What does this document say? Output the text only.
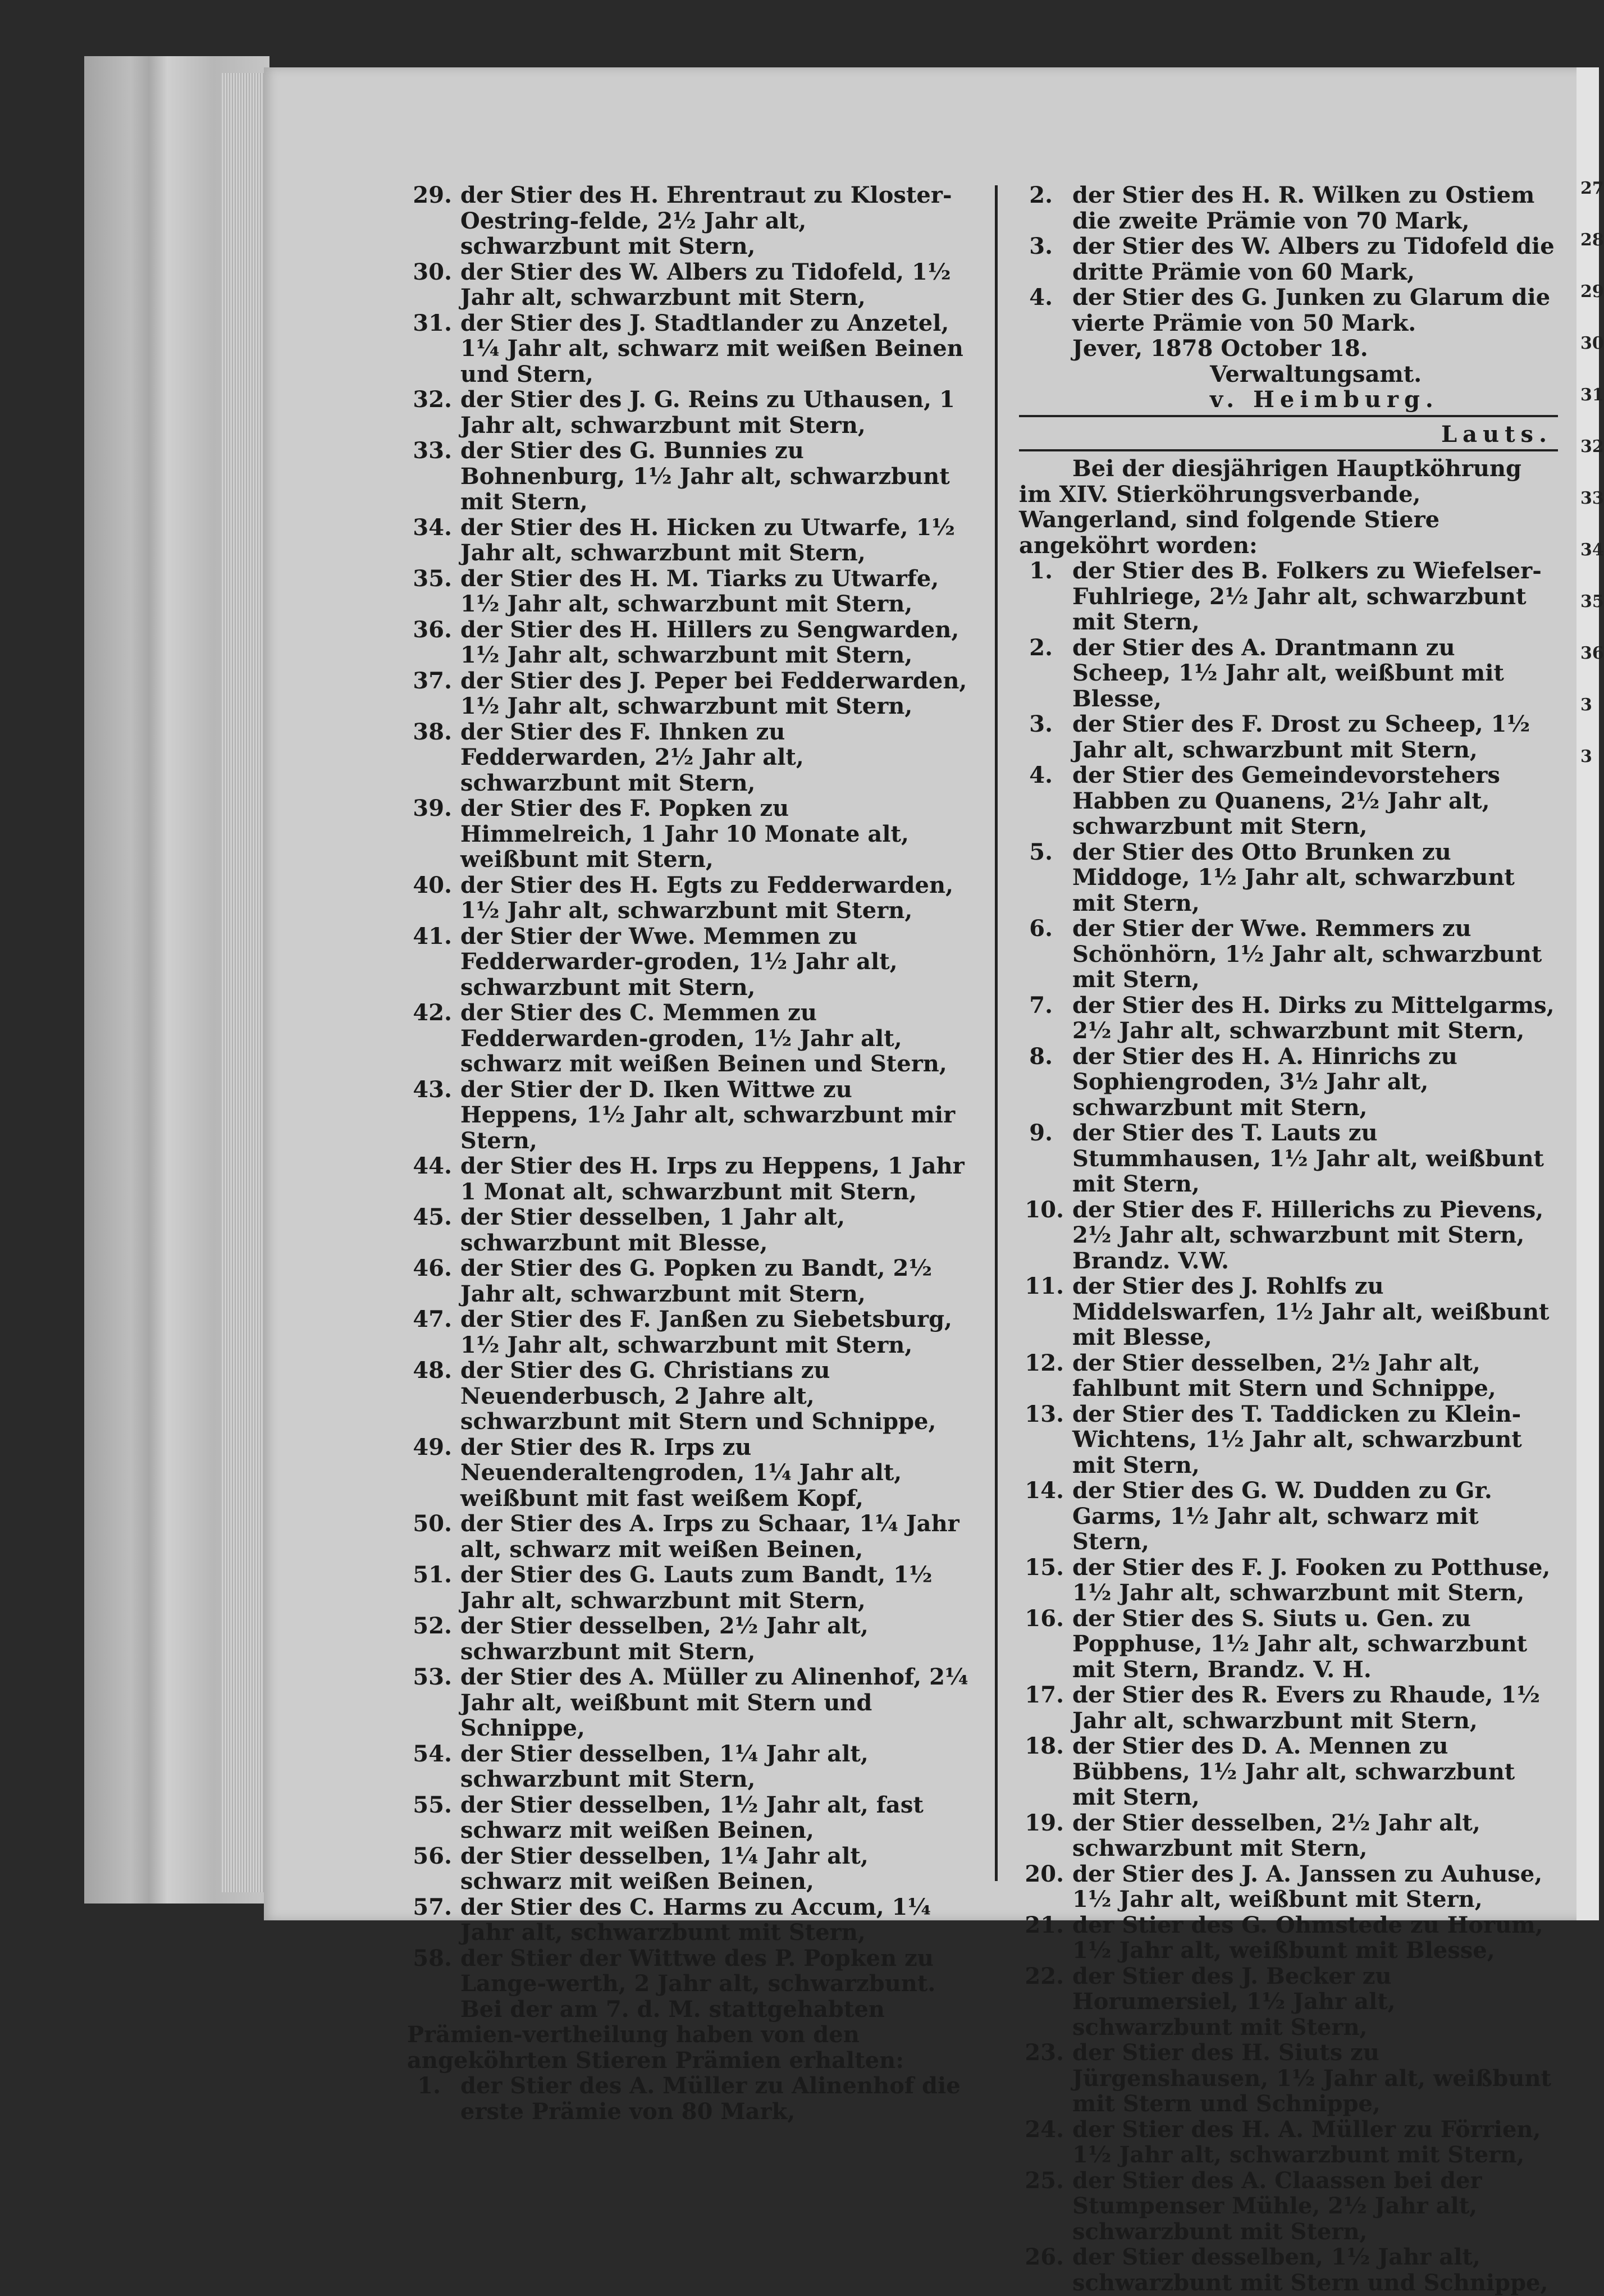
29. der Stier des H. Ehrentraut zu Kloster-Oestring-felde, 2½ Jahr alt, schwarzbunt mit Stern,

30. der Stier des W. Albers zu Tidofeld, 1½ Jahr alt, schwarzbunt mit Stern,

31. der Stier des J. Stadtlander zu Anzetel, 1¼ Jahr alt, schwarz mit weißen Beinen und Stern,

32. der Stier des J. G. Reins zu Uthausen, 1 Jahr alt, schwarzbunt mit Stern,

33. der Stier des G. Bunnies zu Bohnenburg, 1½ Jahr alt, schwarzbunt mit Stern,

34. der Stier des H. Hicken zu Utwarfe, 1½ Jahr alt, schwarzbunt mit Stern,

35. der Stier des H. M. Tiarks zu Utwarfe, 1½ Jahr alt, schwarzbunt mit Stern,

36. der Stier des H. Hillers zu Sengwarden, 1½ Jahr alt, schwarzbunt mit Stern,

37. der Stier des J. Peper bei Fedderwarden, 1½ Jahr alt, schwarzbunt mit Stern,

38. der Stier des F. Ihnken zu Fedderwarden, 2½ Jahr alt, schwarzbunt mit Stern,

39. der Stier des F. Popken zu Himmelreich, 1 Jahr 10 Monate alt, weißbunt mit Stern,

40. der Stier des H. Egts zu Fedderwarden, 1½ Jahr alt, schwarzbunt mit Stern,

41. der Stier der Wwe. Memmen zu Fedderwarder-groden, 1½ Jahr alt, schwarzbunt mit Stern,

42. der Stier des C. Memmen zu Fedderwarden-groden, 1½ Jahr alt, schwarz mit weißen Beinen und Stern,

43. der Stier der D. Iken Wittwe zu Heppens, 1½ Jahr alt, schwarzbunt mir Stern,

44. der Stier des H. Irps zu Heppens, 1 Jahr 1 Monat alt, schwarzbunt mit Stern,

45. der Stier desselben, 1 Jahr alt, schwarzbunt mit Blesse,

46. der Stier des G. Popken zu Bandt, 2½ Jahr alt, schwarzbunt mit Stern,

47. der Stier des F. Janßen zu Siebetsburg, 1½ Jahr alt, schwarzbunt mit Stern,

48. der Stier des G. Christians zu Neuenderbusch, 2 Jahre alt, schwarzbunt mit Stern und Schnippe,

49. der Stier des R. Irps zu Neuenderaltengroden, 1¼ Jahr alt, weißbunt mit fast weißem Kopf,

50. der Stier des A. Irps zu Schaar, 1¼ Jahr alt, schwarz mit weißen Beinen,

51. der Stier des G. Lauts zum Bandt, 1½ Jahr alt, schwarzbunt mit Stern,

52. der Stier desselben, 2½ Jahr alt, schwarzbunt mit Stern,

53. der Stier des A. Müller zu Alinenhof, 2¼ Jahr alt, weißbunt mit Stern und Schnippe,

54. der Stier desselben, 1¼ Jahr alt, schwarzbunt mit Stern,

55. der Stier desselben, 1½ Jahr alt, fast schwarz mit weißen Beinen,

56. der Stier desselben, 1¼ Jahr alt, schwarz mit weißen Beinen,

57. der Stier des C. Harms zu Accum, 1¼ Jahr alt, schwarzbunt mit Stern,

58. der Stier der Wittwe des P. Popken zu Lange-werth, 2 Jahr alt, schwarzbunt.

Bei der am 7. d. M. stattgehabten Prämien-vertheilung haben von den angeköhrten Stieren Prämien erhalten:

1. der Stier des A. Müller zu Alinenhof die erste Prämie von 80 Mark,

2. der Stier des H. R. Wilken zu Ostiem die zweite Prämie von 70 Mark,

3. der Stier des W. Albers zu Tidofeld die dritte Prämie von 60 Mark,

4. der Stier des G. Junken zu Glarum die vierte Prämie von 50 Mark.

Jever, 1878 October 18.

Verwaltungsamt.

v. Heimburg.

Lauts.

Bei der diesjährigen Hauptköhrung im XIV. Stierköhrungsverbande, Wangerland, sind folgende Stiere angeköhrt worden:

1. der Stier des B. Folkers zu Wiefelser-Fuhlriege, 2½ Jahr alt, schwarzbunt mit Stern,

2. der Stier des A. Drantmann zu Scheep, 1½ Jahr alt, weißbunt mit Blesse,

3. der Stier des F. Drost zu Scheep, 1½ Jahr alt, schwarzbunt mit Stern,

4. der Stier des Gemeindevorstehers Habben zu Quanens, 2½ Jahr alt, schwarzbunt mit Stern,

5. der Stier des Otto Brunken zu Middoge, 1½ Jahr alt, schwarzbunt mit Stern,

6. der Stier der Wwe. Remmers zu Schönhörn, 1½ Jahr alt, schwarzbunt mit Stern,

7. der Stier des H. Dirks zu Mittelgarms, 2½ Jahr alt, schwarzbunt mit Stern,

8. der Stier des H. A. Hinrichs zu Sophiengroden, 3½ Jahr alt, schwarzbunt mit Stern,

9. der Stier des T. Lauts zu Stummhausen, 1½ Jahr alt, weißbunt mit Stern,

10. der Stier des F. Hillerichs zu Pievens, 2½ Jahr alt, schwarzbunt mit Stern, Brandz. V.W.

11. der Stier des J. Rohlfs zu Middelswarfen, 1½ Jahr alt, weißbunt mit Blesse,

12. der Stier desselben, 2½ Jahr alt, fahlbunt mit Stern und Schnippe,

13. der Stier des T. Taddicken zu Klein-Wichtens, 1½ Jahr alt, schwarzbunt mit Stern,

14. der Stier des G. W. Dudden zu Gr. Garms, 1½ Jahr alt, schwarz mit Stern,

15. der Stier des F. J. Fooken zu Potthuse, 1½ Jahr alt, schwarzbunt mit Stern,

16. der Stier des S. Siuts u. Gen. zu Popphuse, 1½ Jahr alt, schwarzbunt mit Stern, Brandz. V. H.

17. der Stier des R. Evers zu Rhaude, 1½ Jahr alt, schwarzbunt mit Stern,

18. der Stier des D. A. Mennen zu Bübbens, 1½ Jahr alt, schwarzbunt mit Stern,

19. der Stier desselben, 2½ Jahr alt, schwarzbunt mit Stern,

20. der Stier des J. A. Janssen zu Auhuse, 1½ Jahr alt, weißbunt mit Stern,

21. der Stier des G. Ohmstede zu Horum, 1½ Jahr alt, weißbunt mit Blesse,

22. der Stier des J. Becker zu Horumersiel, 1½ Jahr alt, schwarzbunt mit Stern,

23. der Stier des H. Siuts zu Jürgenshausen, 1½ Jahr alt, weißbunt mit Stern und Schnippe,

24. der Stier des H. A. Müller zu Förrien, 1½ Jahr alt, schwarzbunt mit Stern,

25. der Stier des A. Claassen bei der Stumpenser Mühle, 2½ Jahr alt, schwarzbunt mit Stern,

26. der Stier desselben, 1½ Jahr alt, schwarzbunt mit Stern und Schnippe,

27
28
29
30
31
32
33
34
35
36
3
3
